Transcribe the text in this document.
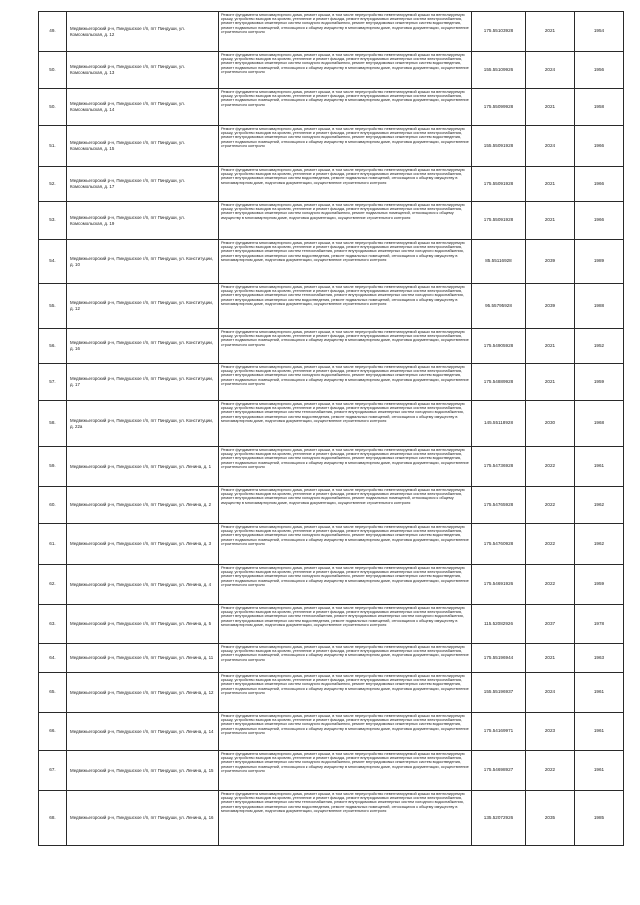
49.	Медвежьегорский р-н, Пиндушское г/п, пгт Пиндуши, ул. Комсомольская, д. 12	Ремонт фундамента многоквартирного дома, ремонт крыши, в том числе переустройство невентилируемой крыши на вентилируемую крышу, устройство выходов на кровлю, утепление и ремонт фасада, ремонт внутридомовых инженерных систем электроснабжения, ремонт внутридомовых инженерных систем холодного водоснабжения, ремонт внутридомовых инженерных систем водоотведения, ремонт подвальных помещений, относящихся к общему имуществу в многоквартирном доме, подготовка документации, осуществление строительного контроля	175.55103928	2021	1954
50.	Медвежьегорский р-н, Пиндушское г/п, пгт Пиндуши, ул. Комсомольская, д. 13	Ремонт фундамента многоквартирного дома, ремонт крыши, в том числе переустройство невентилируемой крыши на вентилируемую крышу, устройство выходов на кровлю, утепление и ремонт фасада, ремонт внутридомовых инженерных систем электроснабжения, ремонт внутридомовых инженерных систем холодного водоснабжения, ремонт внутридомовых инженерных систем водоотведения, ремонт подвальных помещений, относящихся к общему имуществу в многоквартирном доме, подготовка документации, осуществление строительного контроля	155.55109926	2024	1956
50.	Медвежьегорский р-н, Пиндушское г/п, пгт Пиндуши, ул. Комсомольская, д. 14	Ремонт фундамента многоквартирного дома, ремонт крыши, в том числе переустройство невентилируемой крыши на вентилируемую крышу, устройство выходов на кровлю, утепление и ремонт фасада, ремонт внутридомовых инженерных систем электроснабжения, ремонт подвальных помещений, относящихся к общему имуществу в многоквартирном доме, подготовка документации, осуществление строительного контроля	175.55099928	2021	1958
51.	Медвежьегорский р-н, Пиндушское г/п, пгт Пиндуши, ул. Комсомольская, д. 15	Ремонт фундамента многоквартирного дома, ремонт крыши, в том числе переустройство невентилируемой крыши на вентилируемую крышу, устройство выходов на кровлю, утепление и ремонт фасада, ремонт внутридомовых инженерных систем электроснабжения, ремонт внутридомовых инженерных систем холодного водоснабжения, ремонт внутридомовых инженерных систем водоотведения, ремонт подвальных помещений, относящихся к общему имуществу в многоквартирном доме, подготовка документации, осуществление строительного контроля	155.55091928	2024	1966
52.	Медвежьегорский р-н, Пиндушское г/п, пгт Пиндуши, ул. Комсомольская, д. 17	Ремонт фундамента многоквартирного дома, ремонт крыши, в том числе переустройство невентилируемой крыши на вентилируемую крышу, устройство выходов на кровлю, утепление и ремонт фасада, ремонт внутридомовых инженерных систем электроснабжения, ремонт внутридомовых инженерных систем водоотведения, ремонт подвальных помещений, относящихся к общему имуществу в многоквартирном доме, подготовка документации, осуществление строительного контроля	175.55091928	2021	1966
53.	Медвежьегорский р-н, Пиндушское г/п, пгт Пиндуши, ул. Комсомольская, д. 19	Ремонт фундамента многоквартирного дома, ремонт крыши, в том числе переустройство невентилируемой крыши на вентилируемую крышу, устройство выходов на кровлю, утепление и ремонт фасада, ремонт внутридомовых инженерных систем электроснабжения, ремонт внутридомовых инженерных систем холодного водоснабжения, ремонт подвальных помещений, относящихся к общему имуществу в многоквартирном доме, подготовка документации, осуществление строительного контроля	175.55091928	2021	1966
54.	Медвежьегорский р-н, Пиндушское г/п, пгт Пиндуши, ул. Конституции, д. 10	Ремонт фундамента многоквартирного дома, ремонт крыши, в том числе переустройство невентилируемой крыши на вентилируемую крышу, устройство выходов на кровлю, утепление и ремонт фасада, ремонт внутридомовых инженерных систем электроснабжения, ремонт внутридомовых инженерных систем теплоснабжения, ремонт внутридомовых инженерных систем холодного водоснабжения, ремонт внутридомовых инженерных систем водоотведения, ремонт подвальных помещений, относящихся к общему имуществу в многоквартирном доме, подготовка документации, осуществление строительного контроля	85.55116928	2039	1989
55.	Медвежьегорский р-н, Пиндушское г/п, пгт Пиндуши, ул. Конституции, д. 12	Ремонт фундамента многоквартирного дома, ремонт крыши, в том числе переустройство невентилируемой крыши на вентилируемую крышу, устройство выходов на кровлю, утепление и ремонт фасада, ремонт внутридомовых инженерных систем электроснабжения, ремонт внутридомовых инженерных систем теплоснабжения, ремонт внутридомовых инженерных систем холодного водоснабжения, ремонт внутридомовых инженерных систем водоотведения, ремонт подвальных помещений, относящихся к общему имуществу в многоквартирном доме, подготовка документации, осуществление строительного контроля	95.55795928	2039	1988
56.	Медвежьегорский р-н, Пиндушское г/п, пгт Пиндуши, ул. Конституции, д. 16	Ремонт фундамента многоквартирного дома, ремонт крыши, в том числе переустройство невентилируемой крыши на вентилируемую крышу, устройство выходов на кровлю, утепление и ремонт фасада, ремонт внутридомовых инженерных систем электроснабжения, ремонт подвальных помещений, относящихся к общему имуществу в многоквартирном доме, подготовка документации, осуществление строительного контроля	175.54905928	2021	1952
57.	Медвежьегорский р-н, Пиндушское г/п, пгт Пиндуши, ул. Конституции, д. 17	Ремонт фундамента многоквартирного дома, ремонт крыши, в том числе переустройство невентилируемой крыши на вентилируемую крышу, устройство выходов на кровлю, утепление и ремонт фасада, ремонт внутридомовых инженерных систем электроснабжения, ремонт внутридомовых инженерных систем холодного водоснабжения, ремонт внутридомовых инженерных систем водоотведения, ремонт подвальных помещений, относящихся к общему имуществу в многоквартирном доме, подготовка документации, осуществление строительного контроля	175.54889928	2021	1959
58.	Медвежьегорский р-н, Пиндушское г/п, пгт Пиндуши, ул. Конституции, д. 22а	Ремонт фундамента многоквартирного дома, ремонт крыши, в том числе переустройство невентилируемой крыши на вентилируемую крышу, устройство выходов на кровлю, утепление и ремонт фасада, ремонт внутридомовых инженерных систем электроснабжения, ремонт внутридомовых инженерных систем теплоснабжения, ремонт внутридомовых инженерных систем холодного водоснабжения, ремонт внутридомовых инженерных систем водоотведения, ремонт подвальных помещений, относящихся к общему имуществу в многоквартирном доме, подготовка документации, осуществление строительного контроля	145.55118928	2030	1968
59.	Медвежьегорский р-н, Пиндушское г/п, пгт Пиндуши, ул. Ленина, д. 1	Ремонт фундамента многоквартирного дома, ремонт крыши, в том числе переустройство невентилируемой крыши на вентилируемую крышу, устройство выходов на кровлю, утепление и ремонт фасада, ремонт внутридомовых инженерных систем электроснабжения, ремонт внутридомовых инженерных систем холодного водоснабжения, ремонт внутридомовых инженерных систем водоотведения, ремонт подвальных помещений, относящихся к общему имуществу в многоквартирном доме, подготовка документации, осуществление строительного контроля	175.54736928	2022	1961
60.	Медвежьегорский р-н, Пиндушское г/п, пгт Пиндуши, ул. Ленина, д. 2	Ремонт фундамента многоквартирного дома, ремонт крыши, в том числе переустройство невентилируемой крыши на вентилируемую крышу, устройство выходов на кровлю, утепление и ремонт фасада, ремонт внутридомовых инженерных систем электроснабжения, ремонт внутридомовых инженерных систем холодного водоснабжения, ремонт подвальных помещений, относящихся к общему имуществу в многоквартирном доме, подготовка документации, осуществление строительного контроля	175.54765928	2022	1962
61.	Медвежьегорский р-н, Пиндушское г/п, пгт Пиндуши, ул. Ленина, д. 3	Ремонт фундамента многоквартирного дома, ремонт крыши, в том числе переустройство невентилируемой крыши на вентилируемую крышу, устройство выходов на кровлю, утепление и ремонт фасада, ремонт внутридомовых инженерных систем электроснабжения, ремонт внутридомовых инженерных систем холодного водоснабжения, ремонт внутридомовых инженерных систем водоотведения, ремонт подвальных помещений, относящихся к общему имуществу в многоквартирном доме, подготовка документации, осуществление строительного контроля	175.54760928	2022	1962
62.	Медвежьегорский р-н, Пиндушское г/п, пгт Пиндуши, ул. Ленина, д. 4	Ремонт фундамента многоквартирного дома, ремонт крыши, в том числе переустройство невентилируемой крыши на вентилируемую крышу, устройство выходов на кровлю, утепление и ремонт фасада, ремонт внутридомовых инженерных систем электроснабжения, ремонт внутридомовых инженерных систем холодного водоснабжения, ремонт внутридомовых инженерных систем водоотведения, ремонт подвальных помещений, относящихся к общему имуществу в многоквартирном доме, подготовка документации, осуществление строительного контроля	175.54691926	2022	1959
63.	Медвежьегорский р-н, Пиндушское г/п, пгт Пиндуши, ул. Ленина, д. 5	Ремонт фундамента многоквартирного дома, ремонт крыши, в том числе переустройство невентилируемой крыши на вентилируемую крышу, устройство выходов на кровлю, утепление и ремонт фасада, ремонт внутридомовых инженерных систем электроснабжения, ремонт внутридомовых инженерных систем теплоснабжения, ремонт внутридомовых инженерных систем холодного водоснабжения, ремонт внутридомовых инженерных систем водоотведения, ремонт подвальных помещений, относящихся к общему имуществу в многоквартирном доме, подготовка документации, осуществление строительного контроля	115.52082926	2037	1978
64.	Медвежьегорский р-н, Пиндушское г/п, пгт Пиндуши, ул. Ленина, д. 11	Ремонт фундамента многоквартирного дома, ремонт крыши, в том числе переустройство невентилируемой крыши на вентилируемую крышу, устройство выходов на кровлю, утепление и ремонт фасада, ремонт внутридомовых инженерных систем электроснабжения, ремонт подвальных помещений, относящихся к общему имуществу в многоквартирном доме, подготовка документации, осуществление строительного контроля	175.55196944	2021	1963
65.	Медвежьегорский р-н, Пиндушское г/п, пгт Пиндуши, ул. Ленина, д. 12	Ремонт фундамента многоквартирного дома, ремонт крыши, в том числе переустройство невентилируемой крыши на вентилируемую крышу, устройство выходов на кровлю, утепление и ремонт фасада, ремонт внутридомовых инженерных систем электроснабжения, ремонт внутридомовых инженерных систем холодного водоснабжения, ремонт внутридомовых инженерных систем водоотведения, ремонт подвальных помещений, относящихся к общему имуществу в многоквартирном доме, подготовка документации, осуществление строительного контроля	155.55196937	2024	1961
66.	Медвежьегорский р-н, Пиндушское г/п, пгт Пиндуши, ул. Ленина, д. 14	Ремонт фундамента многоквартирного дома, ремонт крыши, в том числе переустройство невентилируемой крыши на вентилируемую крышу, устройство выходов на кровлю, утепление и ремонт фасада, ремонт внутридомовых инженерных систем электроснабжения, ремонт внутридомовых инженерных систем холодного водоснабжения, ремонт внутридомовых инженерных систем водоотведения, ремонт подвальных помещений, относящихся к общему имуществу в многоквартирном доме, подготовка документации, осуществление строительного контроля	175.54169971	2023	1961
67.	Медвежьегорский р-н, Пиндушское г/п, пгт Пиндуши, ул. Ленина, д. 15	Ремонт фундамента многоквартирного дома, ремонт крыши, в том числе переустройство невентилируемой крыши на вентилируемую крышу, устройство выходов на кровлю, утепление и ремонт фасада, ремонт внутридомовых инженерных систем электроснабжения, ремонт внутридомовых инженерных систем холодного водоснабжения, ремонт внутридомовых инженерных систем водоотведения, ремонт подвальных помещений, относящихся к общему имуществу в многоквартирном доме, подготовка документации, осуществление строительного контроля	175.54698927	2022	1961
68.	Медвежьегорский р-н, Пиндушское г/п, пгт Пиндуши, ул. Ленина, д. 16	Ремонт фундамента многоквартирного дома, ремонт крыши, в том числе переустройство невентилируемой крыши на вентилируемую крышу, устройство выходов на кровлю, утепление и ремонт фасада, ремонт внутридомовых инженерных систем электроснабжения, ремонт внутридомовых инженерных систем теплоснабжения, ремонт внутридомовых инженерных систем холодного водоснабжения, ремонт внутридомовых инженерных систем водоотведения, ремонт подвальных помещений, относящихся к общему имуществу в многоквартирном доме, подготовка документации, осуществление строительного контроля	135.52072926	2035	1985
